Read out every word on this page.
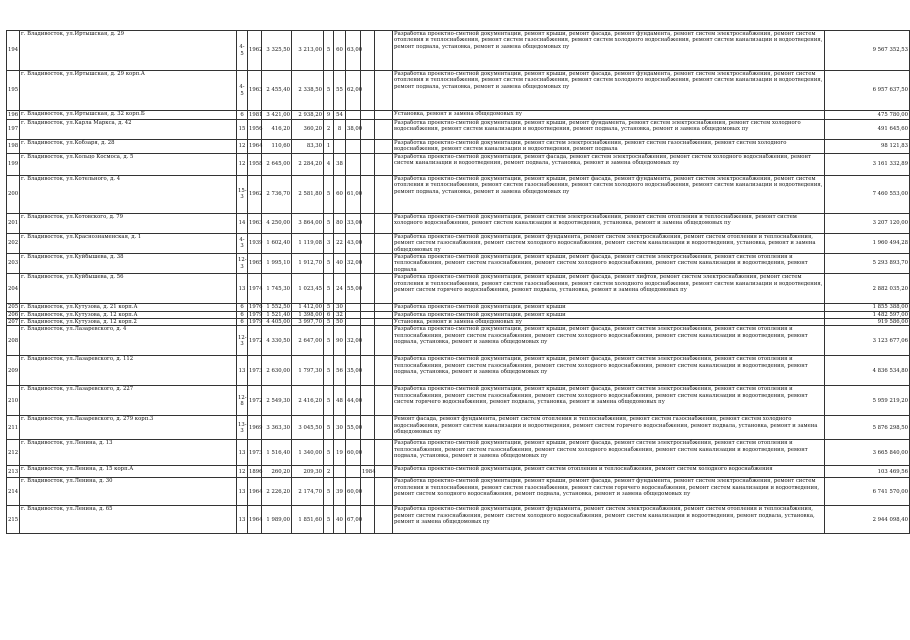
194	г. Владивосток, ул.Иртышская, д. 29	4-5	1962	3 325,50	3 213,00	5	60	63,00			Разработка проектно-сметной документации, ремонт крыши, ремонт фасада, ремонт фундамента, ремонт систем электроснабжения, ремонт систем отопления и теплоснабжения, ремонт систем газоснабжения, ремонт систем холодного водоснабжения, ремонт систем канализации и водоотведения, ремонт подвала, установка, ремонт и замена общедомовых пу	9 567 352,53
195	г. Владивосток, ул.Иртышская, д. 29 корп.А	4-5	1963	2 455,40	2 338,50	5	55	62,00			Разработка проектно-сметной документации, ремонт крыши, ремонт фасада, ремонт фундамента, ремонт систем электроснабжения, ремонт систем отопления и теплоснабжения, ремонт систем газоснабжения, ремонт систем холодного водоснабжения, ремонт систем канализации и водоотведения, ремонт подвала, установка, ремонт и замена общедомовых пу	6 957 637,50
196	г. Владивосток, ул.Иртышская, д. 32 корп.Б	6	1981	3 421,00	2 938,20	9	54				Установка, ремонт и замена общедомовых пу	475 780,00
197	г. Владивосток, ул.Карла Маркса, д. 42	15	1956	416,20	360,20	2	8	38,00			Разработка проектно-сметной документации, ремонт крыши, ремонт фундамента, ремонт систем электроснабжения, ремонт систем холодного водоснабжения, ремонт систем канализации и водоотведения, ремонт подвала, установка, ремонт и замена общедомовых пу	491 645,60
198	г. Владивосток, ул.Кобзаря, д. 28	12	1964	110,60	83,30	1					Разработка проектно-сметной документации, ремонт систем электроснабжения, ремонт систем газоснабжения, ремонт систем холодного водоснабжения, ремонт систем канализации и водоотведения, ремонт подвала	98 121,83
199	г. Владивосток, ул.Кольцо Космоса, д. 5	12	1958	2 645,00	2 284,20	4	38				Разработка проектно-сметной документации, ремонт фасада, ремонт систем электроснабжения, ремонт систем холодного водоснабжения, ремонт систем канализации и водоотведения, ремонт подвала, установка, ремонт и замена общедомовых пу	3 161 332,89
200	г. Владивосток, ул.Котельного, д. 4	15-3	1962	2 736,70	2 581,80	5	60	61,00			Разработка проектно-сметной документации, ремонт крыши, ремонт фасада, ремонт фундамента, ремонт систем электроснабжения, ремонт систем отопления и теплоснабжения, ремонт систем газоснабжения, ремонт систем холодного водоснабжения, ремонт систем канализации и водоотведения, ремонт подвала, установка, ремонт и замена общедомовых пу	7 460 553,00
201	г. Владивосток, ул.Котовского, д. 79	14	1963	4 250,00	3 864,00	5	80	33,00			Разработка проектно-сметной документации, ремонт систем электроснабжения, ремонт систем отопления и теплоснабжения, ремонт систем холодного водоснабжения, ремонт систем канализации и водоотведения, установка, ремонт и замена общедомовых пу	3 207 120,00
202	г. Владивосток, ул.Краснознаменская, д. 1	4-3	1939	1 602,40	1 119,08	3	22	43,00			Разработка проектно-сметной документации, ремонт фундамента, ремонт систем электроснабжения, ремонт систем отопления и теплоснабжения, ремонт систем газоснабжения, ремонт систем холодного водоснабжения, ремонт систем канализации и водоотведения, установка, ремонт и замена общедомовых пу	1 960 494,28
203	г. Владивосток, ул.Куйбышева, д. 38	12-3	1965	1 995,10	1 912,70	5	40	32,00			Разработка проектно-сметной документации, ремонт крыши, ремонт фасада, ремонт систем электроснабжения, ремонт систем отопления и теплоснабжения, ремонт систем газоснабжения, ремонт систем холодного водоснабжения, ремонт систем канализации и водоотведения, ремонт подвала	5 293 893,70
204	г. Владивосток, ул.Куйбышева, д. 56	13	1974	1 745,30	1 023,45	5	24	55,00			Разработка проектно-сметной документации, ремонт крыши, ремонт фасада, ремонт лифтов, ремонт систем электроснабжения, ремонт систем отопления и теплоснабжения, ремонт систем газоснабжения, ремонт систем холодного водоснабжения, ремонт систем канализации и водоотведения, ремонт систем горячего водоснабжения, ремонт подвала, установка, ремонт и замена общедомовых пу	2 882 035,20
205	г. Владивосток, ул.Кутузова, д. 21 корп.А	6	1976	1 552,50	1 412,00	5	30				Разработка проектно-сметной документации, ремонт крыши	1 855 388,00
206	г. Владивосток, ул.Кутузова, д. 12 корп.А	6	1979	1 521,40	1 398,00	6	32				Разработка проектно-сметной документации, ремонт крыши	1 482 597,00
207	г. Владивосток, ул.Кутузова, д. 12 корп.2	6	1979	4 405,00	3 997,70	5	50				Установка, ремонт и замена общедомовых пу	919 586,00
208	г. Владивосток, ул.Лазаревского, д. 4	12-3	1972	4 330,50	2 647,00	5	90	32,00			Разработка проектно-сметной документации, ремонт крыши, ремонт фасада, ремонт систем электроснабжения, ремонт систем отопления и теплоснабжения, ремонт систем газоснабжения, ремонт систем холодного водоснабжения, ремонт систем канализации и водоотведения, ремонт подвала, установка, ремонт и замена общедомовых пу	3 123 677,06
209	г. Владивосток, ул.Лазаревского, д. 112	13	1973	2 630,00	1 797,30	5	56	35,00			Разработка проектно-сметной документации, ремонт крыши, ремонт фасада, ремонт систем электроснабжения, ремонт систем отопления и теплоснабжения, ремонт систем газоснабжения, ремонт систем холодного водоснабжения, ремонт систем канализации и водоотведения, ремонт подвала, установка, ремонт и замена общедомовых пу	4 836 534,80
210	г. Владивосток, ул.Лазаревского, д. 227	12-8	1972	2 549,30	2 416,20	5	48	44,00			Разработка проектно-сметной документации, ремонт крыши, ремонт фасада, ремонт систем электроснабжения, ремонт систем отопления и теплоснабжения, ремонт систем газоснабжения, ремонт систем холодного водоснабжения, ремонт систем канализации и водоотведения, ремонт систем горячего водоснабжения, ремонт подвала, установка, ремонт и замена общедомовых пу	5 959 219,20
211	г. Владивосток, ул.Лазаревского, д. 279 корп.3	13-3	1969	3 363,30	3 045,50	5	30	55,00			Ремонт фасада, ремонт фундамента, ремонт систем отопления и теплоснабжения, ремонт систем газоснабжения, ремонт систем холодного водоснабжения, ремонт систем канализации и водоотведения, ремонт систем горячего водоснабжения, ремонт подвала, установка, ремонт и замена общедомовых пу	5 876 298,50
212	г. Владивосток, ул.Ленина, д. 13	13	1973	1 516,40	1 340,00	5	19	60,00			Разработка проектно-сметной документации, ремонт крыши, ремонт фасада, ремонт систем электроснабжения, ремонт систем отопления и теплоснабжения, ремонт систем газоснабжения, ремонт систем холодного водоснабжения, ремонт систем канализации и водоотведения, ремонт подвала, установка, ремонт и замена общедомовых пу	3 665 840,00
213	г. Владивосток, ул.Ленина, д. 15 корп.А	12	1896	260,20	209,30	2			1984		Разработка проектно-сметной документации, ремонт систем отопления и теплоснабжения, ремонт систем холодного водоснабжения	103 469,56
214	г. Владивосток, ул.Ленина, д. 30	13	1964	2 226,20	2 174,70	5	39	60,00			Разработка проектно-сметной документации, ремонт крыши, ремонт фасада, ремонт фундамента, ремонт систем электроснабжения, ремонт систем отопления и теплоснабжения, ремонт систем газоснабжения, ремонт систем горячего водоснабжения, ремонт систем канализации и водоотведения, ремонт систем холодного водоснабжения, ремонт подвала, установка, ремонт и замена общедомовых пу	6 741 570,00
215	г. Владивосток, ул.Ленина, д. 65	13	1964	1 989,00	1 851,60	5	40	67,00			Разработка проектно-сметной документации, ремонт фундамента, ремонт систем электроснабжения, ремонт систем отопления и теплоснабжения, ремонт систем газоснабжения, ремонт систем холодного водоснабжения, ремонт систем канализации и водоотведения, ремонт подвала, установка, ремонт и замена общедомовых пу	2 944 098,40
